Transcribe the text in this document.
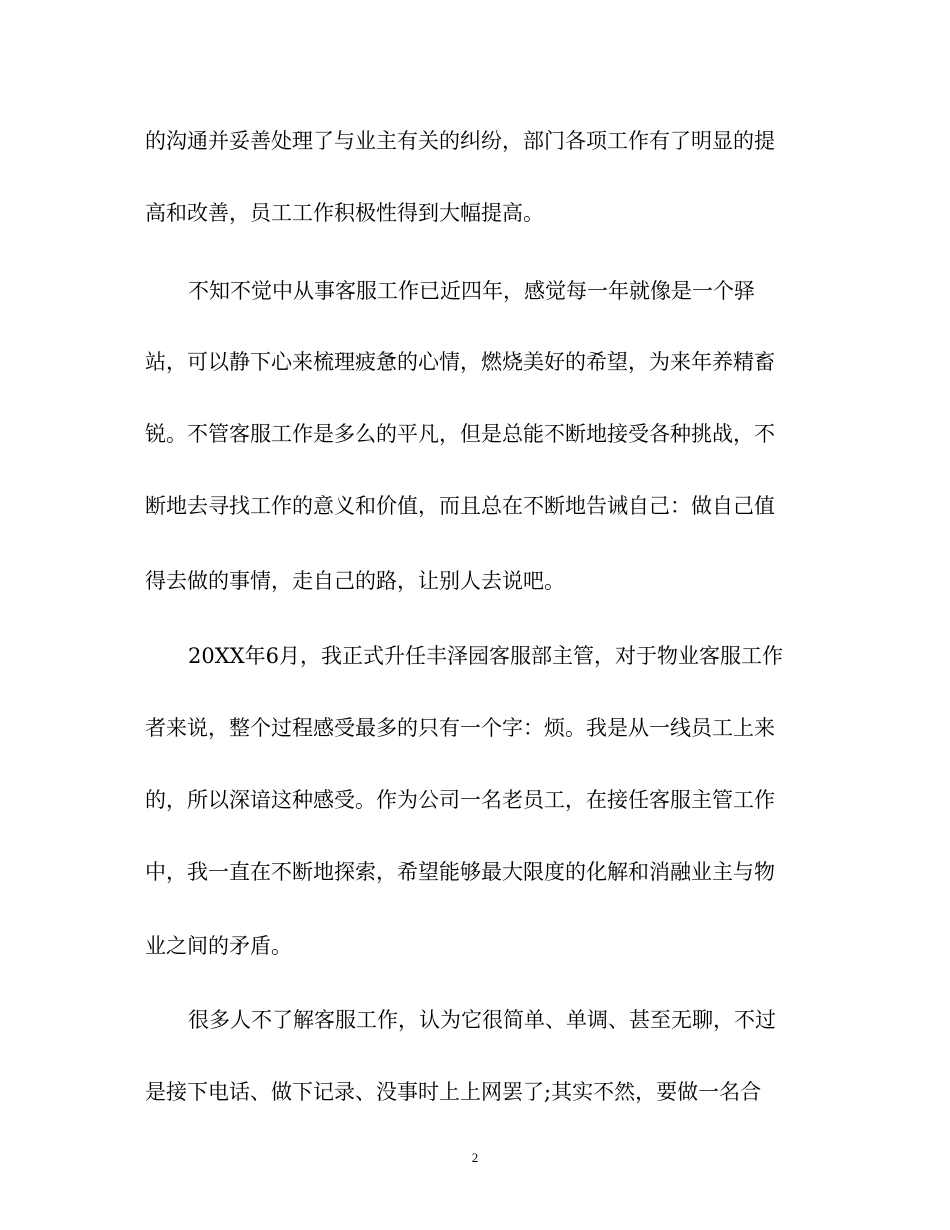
的沟通并妥善处理了与业主有关的纠纷，部门各项工作有了明显的提
高和改善，员工工作积极性得到大幅提高。
不知不觉中从事客服工作已近四年，感觉每一年就像是一个驿
站，可以静下心来梳理疲惫的心情，燃烧美好的希望，为来年养精畜
锐。不管客服工作是多么的平凡，但是总能不断地接受各种挑战，不
断地去寻找工作的意义和价值，而且总在不断地告诫自己：做自己值
得去做的事情，走自己的路，让别人去说吧。
20XX年6月，我正式升任丰泽园客服部主管，对于物业客服工作
者来说，整个过程感受最多的只有一个字：烦。我是从一线员工上来
的，所以深谙这种感受。作为公司一名老员工，在接任客服主管工作
中，我一直在不断地探索，希望能够最大限度的化解和消融业主与物
业之间的矛盾。
很多人不了解客服工作，认为它很简单、单调、甚至无聊，不过
是接下电话、做下记录、没事时上上网罢了;其实不然，要做一名合
2
